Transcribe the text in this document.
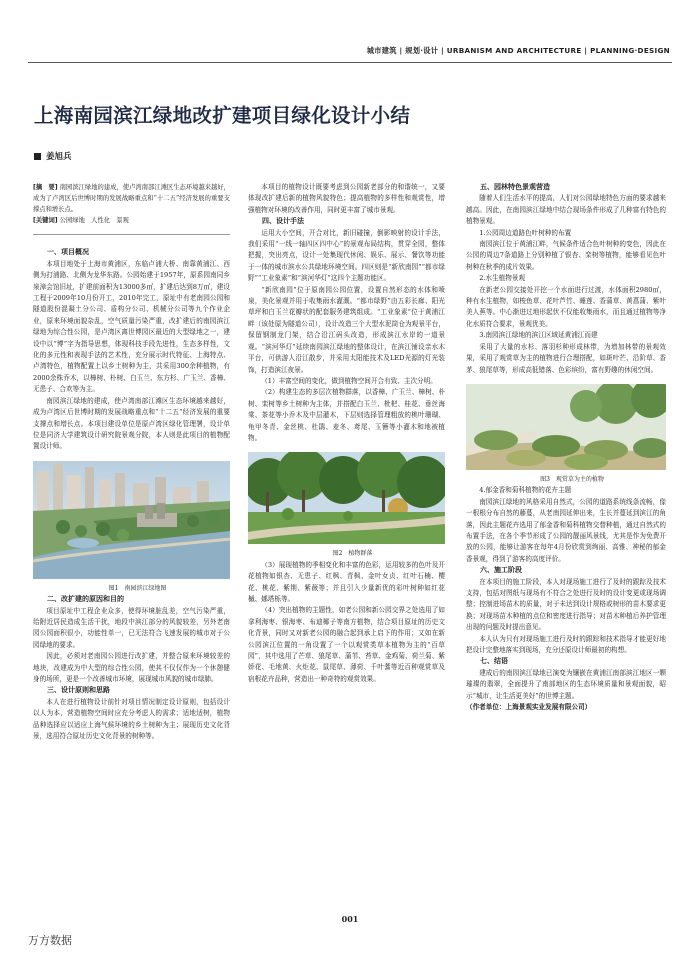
城市建筑 | 规划·设计 | URBANISM AND ARCHITECTURE | PLANNING·DESIGN
上海南园滨江绿地改扩建项目绿化设计小结
姜旭兵

[摘　要] 南园滨江绿地的建成，使卢湾南部江滩区生态环境越来越好，成为了卢湾区后世博时期的发展战略重点和“十二五”经济发展的重要支撑点和增长点。

[关键词] 公园绿地　人性化　景观

一、项目概况

本项目地处于上海市黄浦区，东临卢浦大桥、南靠黄浦江、西侧为打浦路、北侧为龙华东路。公园始建于1957年，原系园南同乡泉漳会馆旧址，扩建前面积为13000多㎡，扩建后达到8万㎡，建设工程于2009年10月份开工，2010年完工，原址中有老南园公园和隧道股份混凝土分公司、盾构分公司、机械分公司等九个作业企业，原来环境面貌杂乱，空气质量污染严重，改扩建后的南园滨江绿地为综合性公园，是卢湾区离世博园区最近的大型绿地之一，建设中以“博”字为指导思想，体现科技手段先进性，生态多样性，文化的多元性和表现手法的艺术性，充分展示时代特征、上海特点、卢湾特色，植物配置上以乡土树种为主，共采用300余种植物，有2000余株乔木，以樟树、朴树、白玉兰、东方杉、广玉兰、香樟、无患子、合欢等为主。

南园滨江绿地的建成，使卢湾南部江滩区生态环境越来越好，成为卢湾区后世博时期的发展战略重点和“十二五”经济发展的重要支撑点和增长点。本项目建设单位是原卢湾区绿化管理署，设计单位是同济大学建筑设计研究院景观分院，本人则是此项目的植物配置设计师。

图1　南园滨江绿地图

二、改扩建的原因和目的

项目原址中工程企业众多，使得环境脏乱差，空气污染严重，给附近居民造成生活干扰，地段中滨江部分的风貌较差，另外老南园公园面积很小，功能性单一，已无法符合飞速发展的城市对于公园绿地的要求。

因此，必须对老南园公园进行改扩建，并整合原来环境较差的地块，改建成为中大型的综合性公园，使其不仅仅作为一个休憩健身的场所，更是一个改善城市环境，展现城市风貌的城市绿肺。

三、设计原则和思路

本人在进行植物设计前针对项目情况制定设计原则，包括设计以人为本，营造植物空间时应充分考虑人的需求；适地适树，植物品种选择应以适应上海气候环境的乡土树种为主；展现历史文化背景，选用符合原址历史文化背景的树种等。

本项目的植物设计既要考虑到公园新老部分的和谐统一，又要体现改扩建后新的植物风貌特色；提高植物的多样性和观赏性，增强植物对环境的改善作用，同时更丰富了城市景观。

四、设计手法

运用大小空间，开合对比，新旧碰撞，倒影映射的设计手法，我们采用“一线一轴四区四中心”的景观布局结构，贯穿全园，整体把握，突出亮点，设计一处集现代休闲、娱乐、展示、餐饮等功能于一体的城市滨水公共绿地环境空间。四区则是“新欣南园”“都市绿野”“工业象素”和“滨河华灯”这四个主题功能区。

“新欣南园”位于原南园公园位置，设置自然形态的水体和喷泉，美化景观并用于收集雨水灌溉。“都市绿野”由五彩长廊、阳光草坪和白玉兰花瓣状的配套服务建筑组成。“工业象素”位于黄浦江畔（该处原为隧道公司），设计改造三个大型水泥筒仓为观景平台，保留钢制龙门架，结合沿江码头改造，形成滨江水岸的一道景观。“滨河华灯”延续南园滨江绿地的整体设计，在滨江铺设亲水木平台，可供游人沿江散步，并采用太阳能技术及LED光源的灯光装饰，打造滨江夜景。

（1）丰富空间的变化，做到植物空间开合有致、主次分明。

（2）构建生态的多层次植物群落，以香樟、广玉兰、樟树、朴树、栾树等乡土树种为主体，并搭配白玉兰、枇杷、桂花、垂丝海棠、茶花等小乔木及中层灌木，下层则选择管理粗放的桃叶珊瑚、龟甲冬青、金丝桃、杜鹃、麦冬、鸢尾、玉簪等小灌木和地被植物。

图2　植物群落

（3）展现植物的季相变化和丰富的色彩，运用较多的色叶及开花植物如银杏、无患子、红枫、青枫、金叶女贞、红叶石楠、樱花、桃花、紫荆、紫薇等；并且引入少量新优的彩叶树种如红花槭、娜塔栎等。

（4）突出植物的主题性，如老公园和新公园交界之处选用了如拿利海枣、银海枣、布迪椰子等南方植物，结合项目原址的历史文化背景，同时又对新老公园的融合起到承上启下的作用；又如在新公园滨江位置的一角设置了一个以观赏类草本植物为主的“百草园”，其中选用了芒草、狼尾草、蒲苇、苔草、金鸡菊、荷兰菊、紫娇花、毛地黄、火炬花、鼠尾草、薄荷、千叶蓍等近百种观赏草及宿根花卉品种，营造出一种奇特的观赏效果。

五、园林特色景观营造

随着人们生活水平的提高，人们对公园绿地特色方面的要求越来越高。因此，在南园滨江绿地中结合现场条件形成了几种富有特色的植物景观。

1.公园周边道路色叶树种的布置

南园滨江位于黄浦江畔，气候条件适合色叶树种的变色，因此在公园的周边7条道路上分别种植了银杏、栾树等植物，能够看见色叶树种在秋季的成片效果。

2.水生植物景观

在新老公园交接处开挖一个水面进行过渡，水体面积2980㎡，种有水生植物，如梭鱼草、花叶芦竹、睡莲、香蒲草、黄菖蒲、紫叶美人蕉等。中心渐进过地形起伏不仅能收集雨水，而且通过植物等净化水质符合要求，景观优美。

3.南园滨江绿地的滨江区域延黄浦江而建

采用了大量的水杉、落羽杉种形成林带，为增加林带的景观效果，采用了观赏草为主的植物进行合理搭配，如斑叶芒、沿阶草、香茅、狼尾草等，形成高低错落、色彩缤纷，富有野趣的休闲空间。

图3　观赏草为主的植物

4.郁金香和菊科植物的花卉主题

南园滨江绿地的风格采用自然式，公园的道路系统线条流畅，像一根根分布自然的藤蔓，从老南园延伸出来，生长并蔓延到滨江的角落，因此主题花卉选用了郁金香和菊科植物交替种植，通过自然式的布置手法，在各个季节形成了公园的靓丽风景线，尤其是作为免费开放的公园，能够让游客在每年4月份欣赏到绚丽、高雅、神秘的郁金香景观，得到了游客的高度评价。

六、施工阶段

在本项目的施工阶段，本人对现场施工进行了及时的跟踪及技术支持，包括对图纸与现场有不符合之处进行及时的设计变更或现场调整；控制进场苗木的质量，对于未达到设计规格或树形的苗木要求更换；对现场苗木种植的点位和密度进行指导；对苗木种植后养护管理出现的问题及时提出意见。

本人认为只有对现场施工进行及时的跟踪和技术指导才能更好地把设计完整地落实到现场，充分还原设计师最初的构想。

七、结语

建成后的南园滨江绿地已演变为镶嵌在黄浦江南部滨江地区一颗璀璨的翡翠，全面提升了南部地区的生态环境质量和景观面貌，昭示“城市，让生活更美好”的世博主题。

（作者单位：上海景观实业发展有限公司）

001
万方数据
